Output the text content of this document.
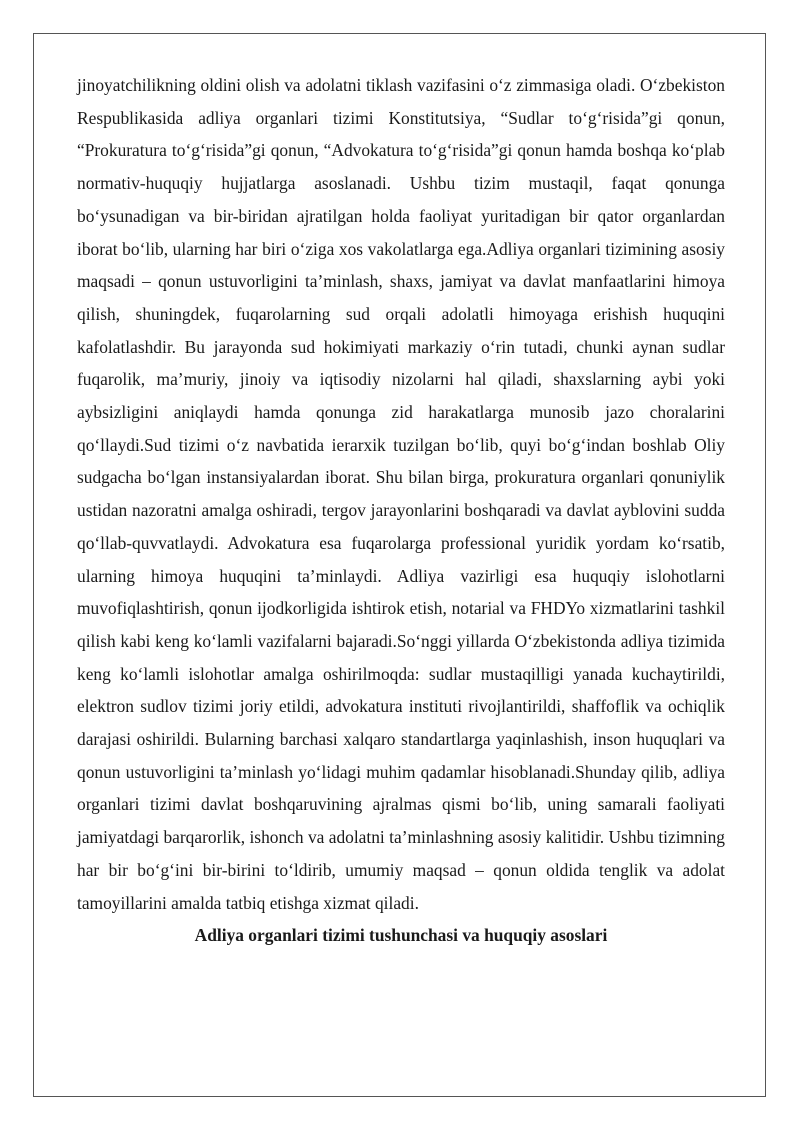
jinoyatchilikning oldini olish va adolatni tiklash vazifasini o‘z zimmasiga oladi. O‘zbekiston Respublikasida adliya organlari tizimi Konstitutsiya, “Sudlar to‘g‘risida”gi qonun, “Prokuratura to‘g‘risida”gi qonun, “Advokatura to‘g‘risida”gi qonun hamda boshqa ko‘plab normativ-huquqiy hujjatlarga asoslanadi. Ushbu tizim mustaqil, faqat qonunga bo‘ysunadigan va bir-biridan ajratilgan holda faoliyat yuritadigan bir qator organlardan iborat bo‘lib, ularning har biri o‘ziga xos vakolatlarga ega.Adliya organlari tizimining asosiy maqsadi – qonun ustuvorligini ta’minlash, shaxs, jamiyat va davlat manfaatlarini himoya qilish, shuningdek, fuqarolarning sud orqali adolatli himoyaga erishish huquqini kafolatlashdir. Bu jarayonda sud hokimiyati markaziy o‘rin tutadi, chunki aynan sudlar fuqarolik, ma’muriy, jinoiy va iqtisodiy nizolarni hal qiladi, shaxslarning aybi yoki aybsizligini aniqlaydi hamda qonunga zid harakatlarga munosib jazo choralarini qo‘llaydi.Sud tizimi o‘z navbatida ierarxik tuzilgan bo‘lib, quyi bo‘g‘indan boshlab Oliy sudgacha bo‘lgan instansiyalardan iborat. Shu bilan birga, prokuratura organlari qonuniylik ustidan nazoratni amalga oshiradi, tergov jarayonlarini boshqaradi va davlat ayblovini sudda qo‘llab-quvvatlaydi. Advokatura esa fuqarolarga professional yuridik yordam ko‘rsatib, ularning himoya huquqini ta’minlaydi. Adliya vazirligi esa huquqiy islohotlarni muvofiqlashtirish, qonun ijodkorligida ishtirok etish, notarial va FHDYo xizmatlarini tashkil qilish kabi keng ko‘lamli vazifalarni bajaradi.So‘nggi yillarda O‘zbekistonda adliya tizimida keng ko‘lamli islohotlar amalga oshirilmoqda: sudlar mustaqilligi yanada kuchaytirildi, elektron sudlov tizimi joriy etildi, advokatura instituti rivojlantirildi, shaffoflik va ochiqlik darajasi oshirildi. Bularning barchasi xalqaro standartlarga yaqinlashish, inson huquqlari va qonun ustuvorligini ta’minlash yo‘lidagi muhim qadamlar hisoblanadi.Shunday qilib, adliya organlari tizimi davlat boshqaruvining ajralmas qismi bo‘lib, uning samarali faoliyati jamiyatdagi barqarorlik, ishonch va adolatni ta’minlashning asosiy kalitidir. Ushbu tizimning har bir bo‘g‘ini bir-birini to‘ldirib, umumiy maqsad – qonun oldida tenglik va adolat tamoyillarini amalda tatbiq etishga xizmat qiladi.

Adliya organlari tizimi tushunchasi va huquqiy asoslari
